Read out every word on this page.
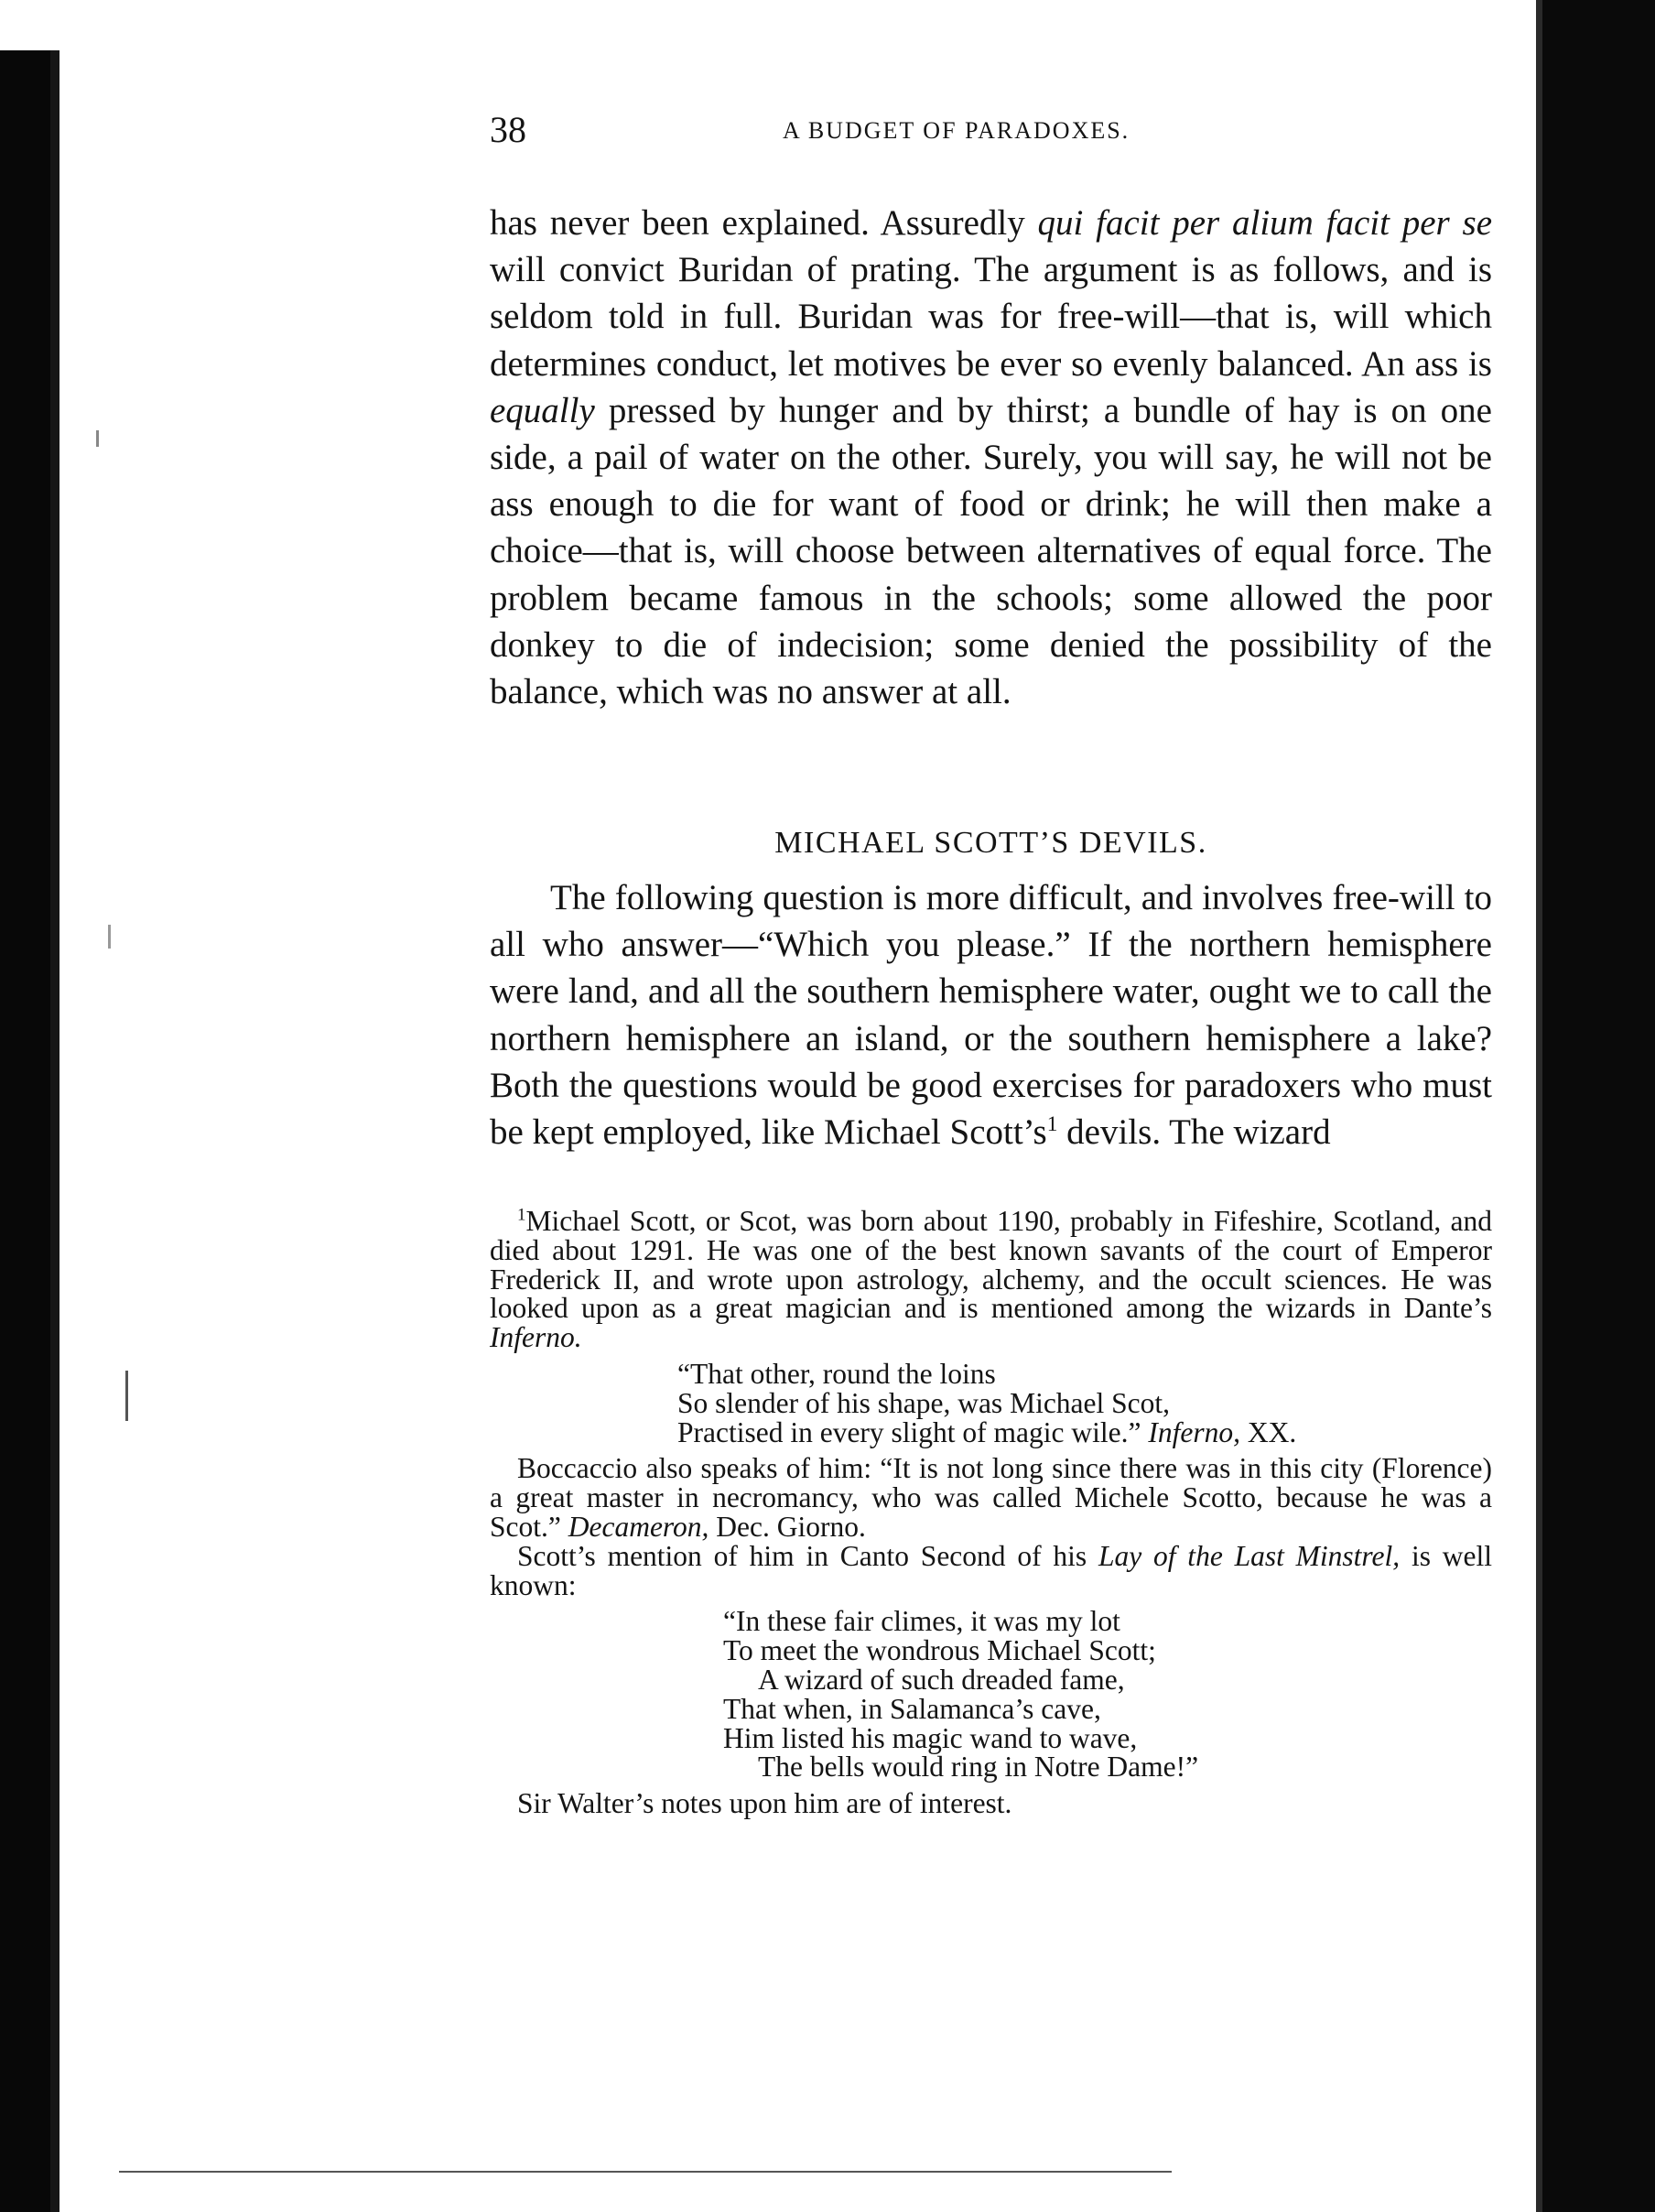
38	A BUDGET OF PARADOXES.

has never been explained. Assuredly qui facit per alium facit per se will convict Buridan of prating. The argument is as follows, and is seldom told in full. Buridan was for free-will—that is, will which determines conduct, let motives be ever so evenly balanced. An ass is equally pressed by hunger and by thirst; a bundle of hay is on one side, a pail of water on the other. Surely, you will say, he will not be ass enough to die for want of food or drink; he will then make a choice—that is, will choose between alternatives of equal force. The problem became famous in the schools; some allowed the poor donkey to die of indecision; some denied the possibility of the balance, which was no answer at all.

MICHAEL SCOTT’S DEVILS.

The following question is more difficult, and involves free-will to all who answer—“Which you please.” If the northern hemisphere were land, and all the southern hemisphere water, ought we to call the northern hemisphere an island, or the southern hemisphere a lake? Both the questions would be good exercises for paradoxers who must be kept employed, like Michael $Scott’s^1$ devils. The wizard

$^1$Michael Scott, or Scot, was born about 1190, probably in Fifeshire, Scotland, and died about 1291. He was one of the best known savants of the court of Emperor Frederick II, and wrote upon astrology, alchemy, and the occult sciences. He was looked upon as a great magician and is mentioned among the wizards in Dante’s Inferno.

“That other, round the loins
So slender of his shape, was Michael Scot,
Practised in every slight of magic wile.” Inferno, XX.

Boccaccio also speaks of him: “It is not long since there was in this city (Florence) a great master in necromancy, who was called Michele Scotto, because he was a Scot.” Decameron, Dec. Giorno.

Scott’s mention of him in Canto Second of his Lay of the Last Minstrel, is well known:

“In these fair climes, it was my lot
To meet the wondrous Michael Scott;
A wizard of such dreaded fame,
That when, in Salamanca’s cave,
Him listed his magic wand to wave,
The bells would ring in Notre Dame!”

Sir Walter’s notes upon him are of interest.
